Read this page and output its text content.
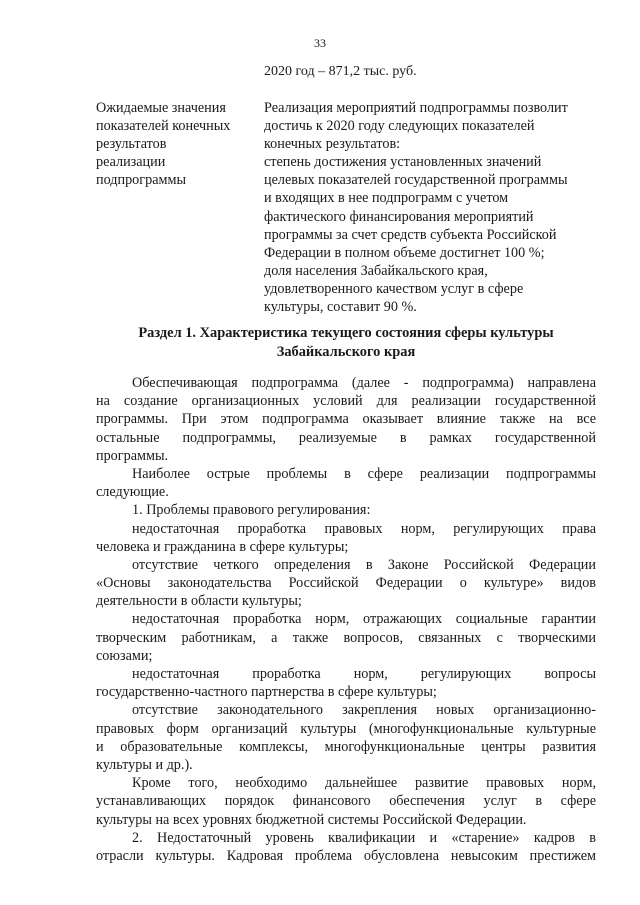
33
2020 год – 871,2 тыс. руб.
Ожидаемые значения
показателей конечных
результатов
реализации
подпрограммы
Реализация мероприятий подпрограммы позволит
достичь к 2020 году следующих показателей
конечных результатов:
степень достижения установленных значений
целевых показателей государственной программы
и входящих в нее подпрограмм с учетом
фактического финансирования мероприятий
программы за счет средств субъекта Российской
Федерации в полном объеме достигнет 100 %;
доля населения Забайкальского края,
удовлетворенного качеством услуг в сфере
культуры, составит 90 %.
Раздел 1. Характеристика текущего состояния сферы культуры
Забайкальского края
Обеспечивающая подпрограмма (далее - подпрограмма) направлена
на создание организационных условий для реализации государственной
программы. При этом подпрограмма оказывает влияние также на все
остальные подпрограммы, реализуемые в рамках государственной
программы.
Наиболее острые проблемы в сфере реализации подпрограммы
следующие.
1. Проблемы правового регулирования:
недостаточная проработка правовых норм, регулирующих права
человека и гражданина в сфере культуры;
отсутствие четкого определения в Законе Российской Федерации
«Основы законодательства Российской Федерации о культуре» видов
деятельности в области культуры;
недостаточная проработка норм, отражающих социальные гарантии
творческим работникам, а также вопросов, связанных с творческими
союзами;
недостаточная проработка норм, регулирующих вопросы
государственно-частного партнерства в сфере культуры;
отсутствие законодательного закрепления новых организационно-
правовых форм организаций культуры (многофункциональные культурные
и образовательные комплексы, многофункциональные центры развития
культуры и др.).
Кроме того, необходимо дальнейшее развитие правовых норм,
устанавливающих порядок финансового обеспечения услуг в сфере
культуры на всех уровнях бюджетной системы Российской Федерации.
2. Недостаточный уровень квалификации и «старение» кадров в
отрасли культуры. Кадровая проблема обусловлена невысоким престижем
